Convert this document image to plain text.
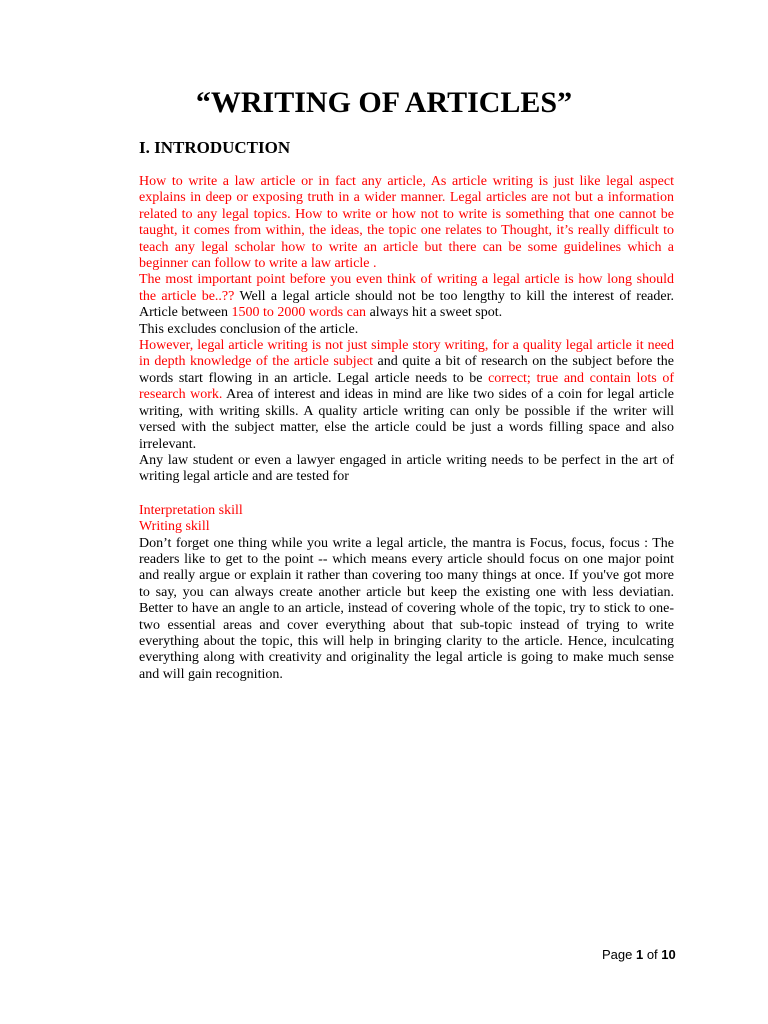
“WRITING OF ARTICLES”
I. INTRODUCTION

How to write a law article or in fact any article, As article writing is just like legal aspect explains in deep or exposing truth in a wider manner. Legal articles are not but a information related to any legal topics. How to write or how not to write is something that one cannot be taught, it comes from within, the ideas, the topic one relates to Thought, it’s really difficult to teach any legal scholar how to write an article but there can be some guidelines which a beginner can follow to write a law article .

The most important point before you even think of writing a legal article is how long should the article be..?? Well a legal article should not be too lengthy to kill the interest of reader. Article between 1500 to 2000 words can always hit a sweet spot.

This excludes conclusion of the article.

However, legal article writing is not just simple story writing, for a quality legal article it need in depth knowledge of the article subject and quite a bit of research on the subject before the words start flowing in an article. Legal article needs to be correct; true and contain lots of research work. Area of interest and ideas in mind are like two sides of a coin for legal article writing, with writing skills. A quality article writing can only be possible if the writer will versed with the subject matter, else the article could be just a words filling space and also irrelevant.

Any law student or even a lawyer engaged in article writing needs to be perfect in the art of writing legal article and are tested for

Interpretation skill

Writing skill

Don’t forget one thing while you write a legal article, the mantra is Focus, focus, focus : The readers like to get to the point -- which means every article should focus on one major point and really argue or explain it rather than covering too many things at once. If you've got more to say, you can always create another article but keep the existing one with less deviatian. Better to have an angle to an article, instead of covering whole of the topic, try to stick to one-two essential areas and cover everything about that sub-topic instead of trying to write everything about the topic, this will help in bringing clarity to the article. Hence, inculcating everything along with creativity and originality the legal article is going to make much sense and will gain recognition.

Page 1 of 10
